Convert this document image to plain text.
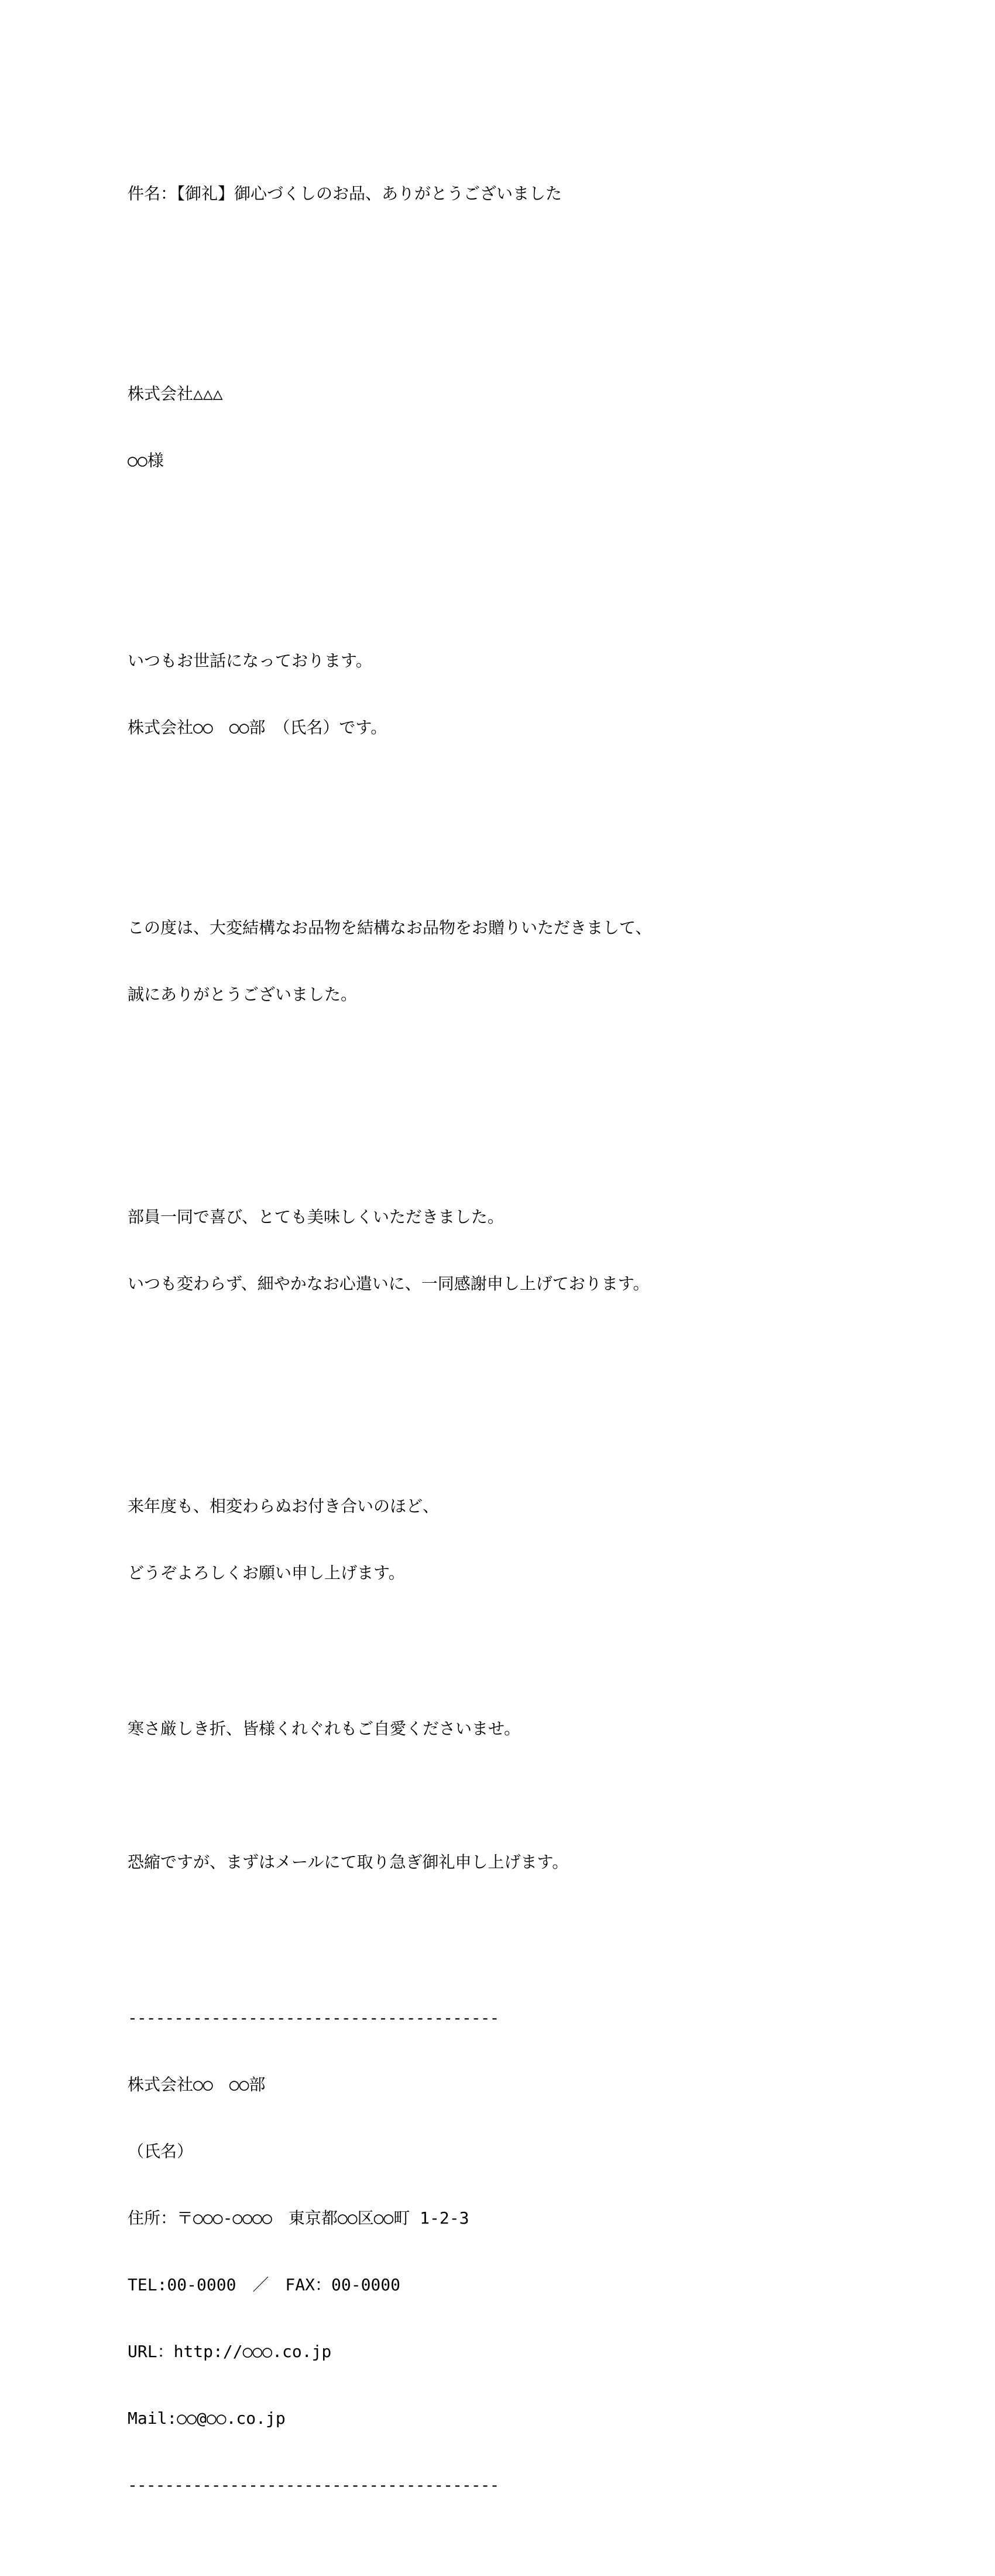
件名：【御礼】御心づくしのお品、ありがとうございました

株式会社△△△

○○様

いつもお世話になっております。

株式会社○○　○○部　（氏名）です。

この度は、大変結構なお品物を結構なお品物をお贈りいただきまして、

誠にありがとうございました。

部員一同で喜び、とても美味しくいただきました。

いつも変わらず、細やかなお心遣いに、一同感謝申し上げております。

来年度も、相変わらぬお付き合いのほど、

どうぞよろしくお願い申し上げます。

寒さ厳しき折、皆様くれぐれもご自愛くださいませ。

恐縮ですが、まずはメールにて取り急ぎ御礼申し上げます。

----------------------------------------

株式会社○○　○○部

（氏名）

住所：〒○○○-○○○○　東京都○○区○○町 1-2-3

TEL:00-0000　／　FAX：00-0000

URL：http://○○○.co.jp

Mail:○○@○○.co.jp

----------------------------------------
